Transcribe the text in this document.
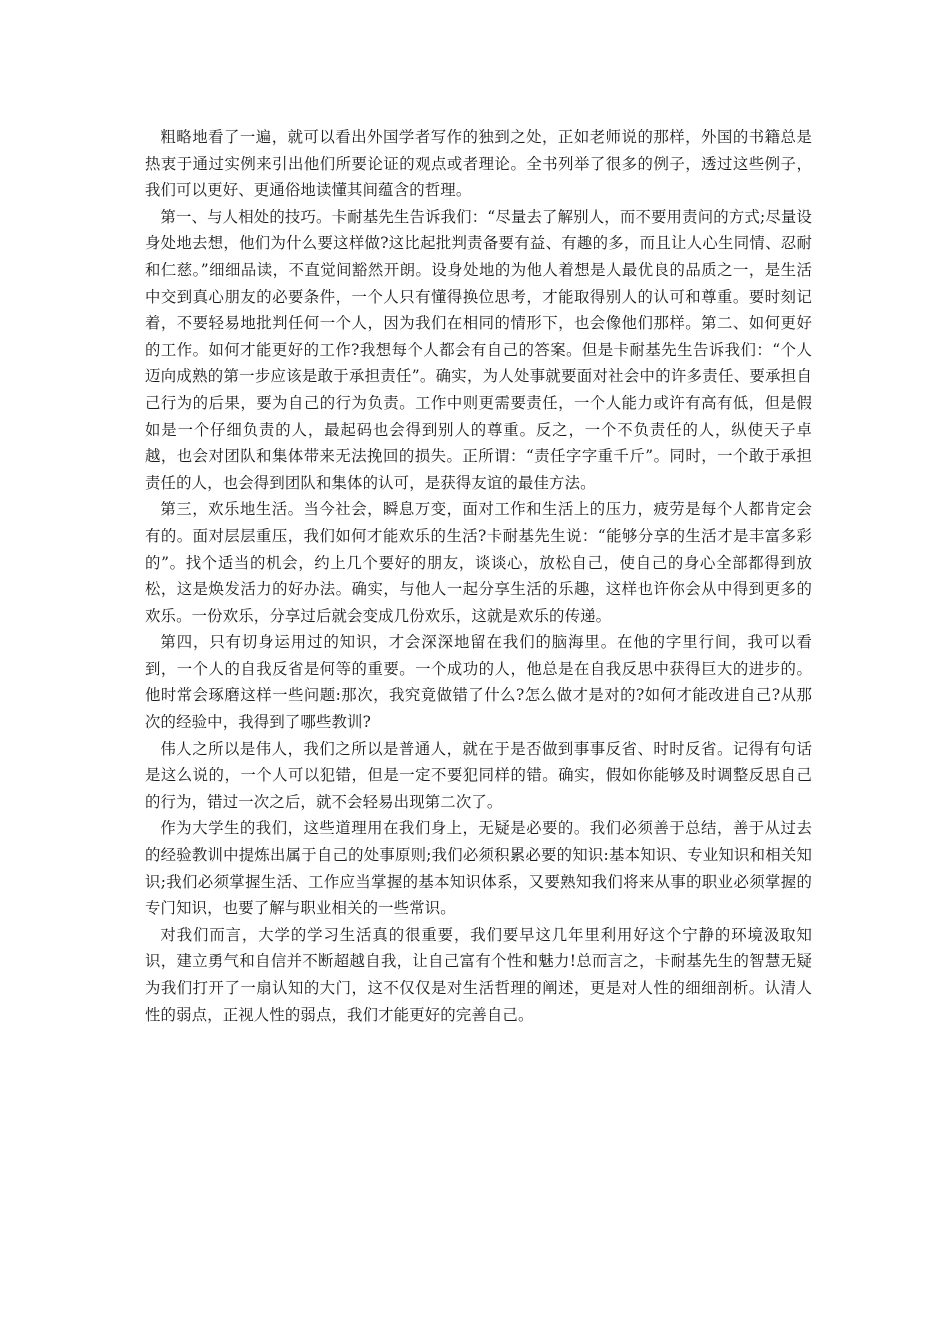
粗略地看了一遍，就可以看出外国学者写作的独到之处，正如老师说的那样，外国的书籍总是热衷于通过实例来引出他们所要论证的观点或者理论。全书列举了很多的例子，透过这些例子，我们可以更好、更通俗地读懂其间蕴含的哲理。

第一、与人相处的技巧。卡耐基先生告诉我们：“尽量去了解别人，而不要用责问的方式;尽量设身处地去想，他们为什么要这样做?这比起批判责备要有益、有趣的多，而且让人心生同情、忍耐和仁慈。”细细品读，不直觉间豁然开朗。设身处地的为他人着想是人最优良的品质之一，是生活中交到真心朋友的必要条件，一个人只有懂得换位思考，才能取得别人的认可和尊重。要时刻记着，不要轻易地批判任何一个人，因为我们在相同的情形下，也会像他们那样。第二、如何更好的工作。如何才能更好的工作?我想每个人都会有自己的答案。但是卡耐基先生告诉我们：“个人迈向成熟的第一步应该是敢于承担责任”。确实，为人处事就要面对社会中的许多责任、要承担自己行为的后果，要为自己的行为负责。工作中则更需要责任，一个人能力或许有高有低，但是假如是一个仔细负责的人，最起码也会得到别人的尊重。反之，一个不负责任的人，纵使天子卓越，也会对团队和集体带来无法挽回的损失。正所谓：“责任字字重千斤”。同时，一个敢于承担责任的人，也会得到团队和集体的认可，是获得友谊的最佳方法。

第三，欢乐地生活。当今社会，瞬息万变，面对工作和生活上的压力，疲劳是每个人都肯定会有的。面对层层重压，我们如何才能欢乐的生活?卡耐基先生说：“能够分享的生活才是丰富多彩的”。找个适当的机会，约上几个要好的朋友，谈谈心，放松自己，使自己的身心全部都得到放松，这是焕发活力的好办法。确实，与他人一起分享生活的乐趣，这样也许你会从中得到更多的欢乐。一份欢乐，分享过后就会变成几份欢乐，这就是欢乐的传递。

第四，只有切身运用过的知识，才会深深地留在我们的脑海里。在他的字里行间，我可以看到，一个人的自我反省是何等的重要。一个成功的人，他总是在自我反思中获得巨大的进步的。他时常会琢磨这样一些问题:那次，我究竟做错了什么?怎么做才是对的?如何才能改进自己?从那次的经验中，我得到了哪些教训?

伟人之所以是伟人，我们之所以是普通人，就在于是否做到事事反省、时时反省。记得有句话是这么说的，一个人可以犯错，但是一定不要犯同样的错。确实，假如你能够及时调整反思自己的行为，错过一次之后，就不会轻易出现第二次了。

作为大学生的我们，这些道理用在我们身上，无疑是必要的。我们必须善于总结，善于从过去的经验教训中提炼出属于自己的处事原则;我们必须积累必要的知识:基本知识、专业知识和相关知识;我们必须掌握生活、工作应当掌握的基本知识体系，又要熟知我们将来从事的职业必须掌握的专门知识，也要了解与职业相关的一些常识。

对我们而言，大学的学习生活真的很重要，我们要早这几年里利用好这个宁静的环境汲取知识，建立勇气和自信并不断超越自我，让自己富有个性和魅力!总而言之，卡耐基先生的智慧无疑为我们打开了一扇认知的大门，这不仅仅是对生活哲理的阐述，更是对人性的细细剖析。认清人性的弱点，正视人性的弱点，我们才能更好的完善自己。
